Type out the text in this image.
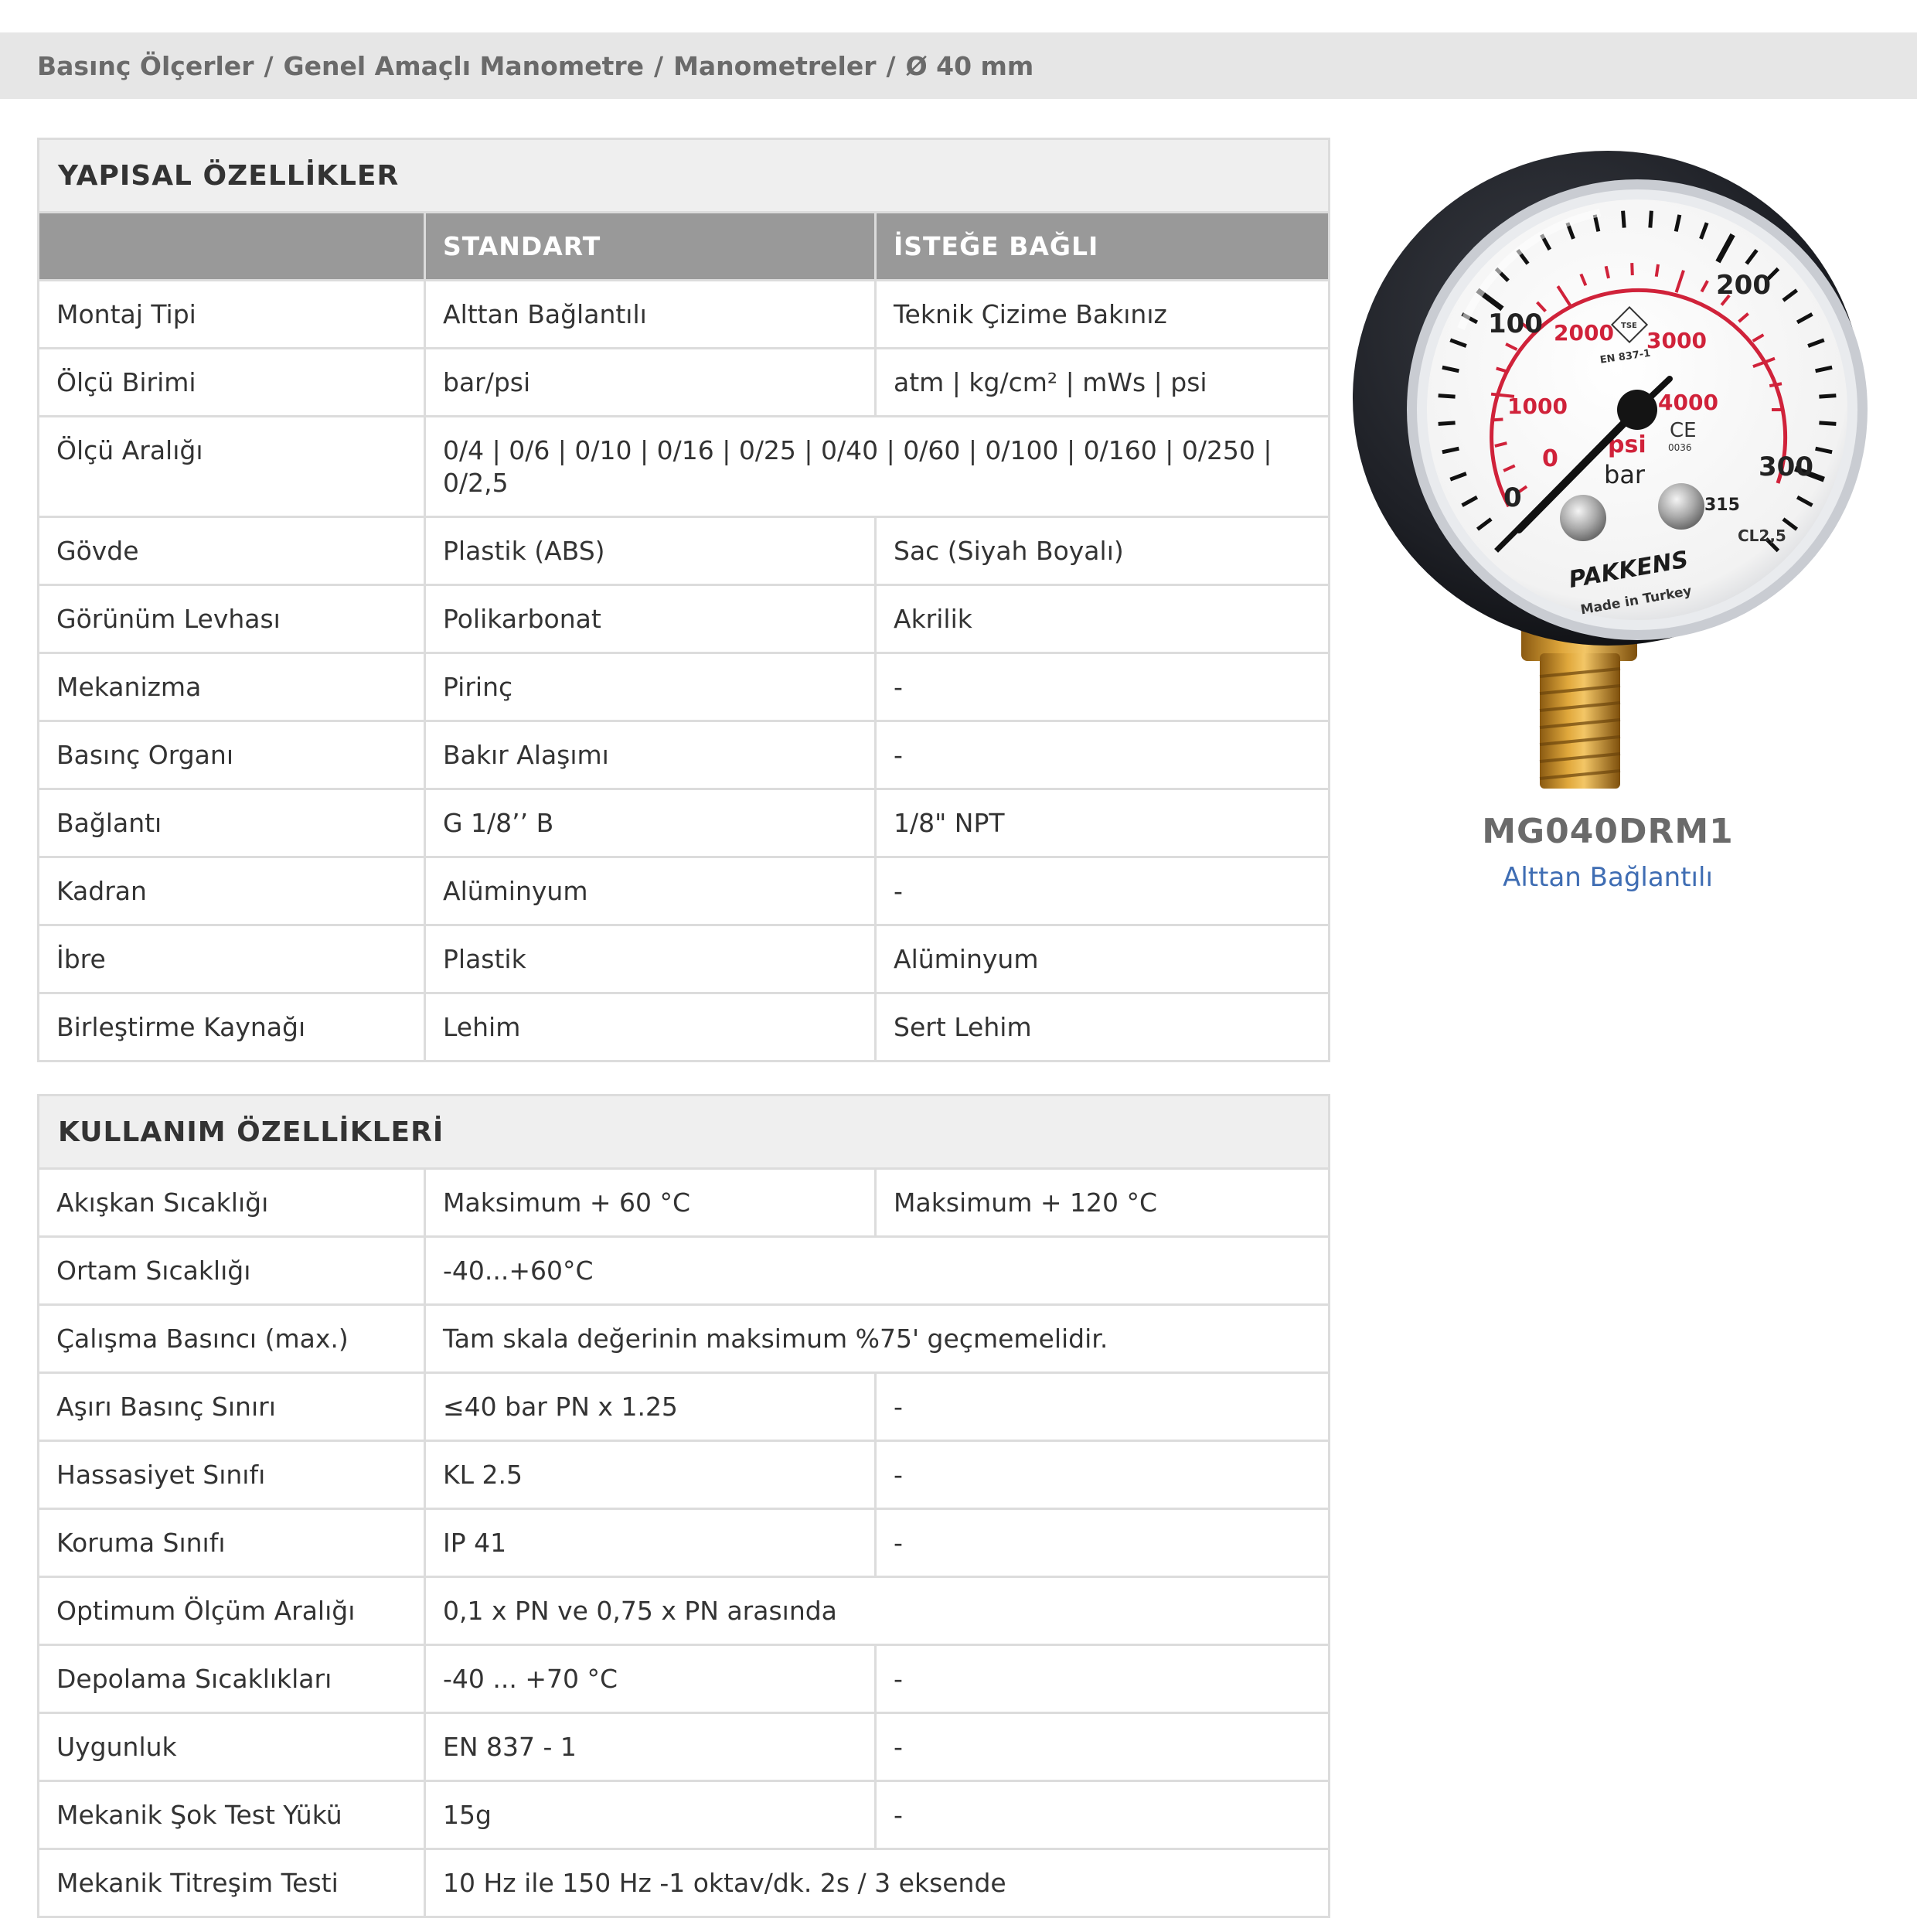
Basınç Ölçerler / Genel Amaçlı Manometre / Manometreler / Ø 40 mm
YAPISAL ÖZELLİKLER		
	STANDART	İSTEĞE BAĞLI
Montaj Tipi	Alttan Bağlantılı	Teknik Çizime Bakınız
Ölçü Birimi	bar/psi	atm | kg/cm² | mWs | psi
Ölçü Aralığı	0/4 | 0/6 | 0/10 | 0/16 | 0/25 | 0/40 | 0/60 | 0/100 | 0/160 | 0/250 | 0/2,5	
Gövde	Plastik (ABS)	Sac (Siyah Boyalı)
Görünüm Levhası	Polikarbonat	Akrilik
Mekanizma	Pirinç	-
Basınç Organı	Bakır Alaşımı	-
Bağlantı	G 1/8’’ B	1/8" NPT
Kadran	Alüminyum	-
İbre	Plastik	Alüminyum
Birleştirme Kaynağı	Lehim	Sert Lehim
KULLANIM ÖZELLİKLERİ		
Akışkan Sıcaklığı	Maksimum + 60 °C	Maksimum + 120 °C
Ortam Sıcaklığı	-40...+60°C	
Çalışma Basıncı (max.)	Tam skala değerinin maksimum %75' geçmemelidir.	
Aşırı Basınç Sınırı	≤40 bar PN x 1.25	-
Hassasiyet Sınıfı	KL 2.5	-
Koruma Sınıfı	IP 41	-
Optimum Ölçüm Aralığı	0,1 x PN ve 0,75 x PN arasında	
Depolama Sıcaklıkları	-40 ... +70 °C	-
Uygunluk	EN 837 - 1	-
Mekanik Şok Test Yükü	15g	-
Mekanik Titreşim Testi	10 Hz ile 150 Hz -1 oktav/dk. 2s / 3 eksende	
0
100
200
300
315
0
1000
2000 3000
4000
psi
bar
TSE
EN 837-1
CE
0036
CL2,5
PAKKENS
Made in Turkey
MG040DRM1
Alttan Bağlantılı
